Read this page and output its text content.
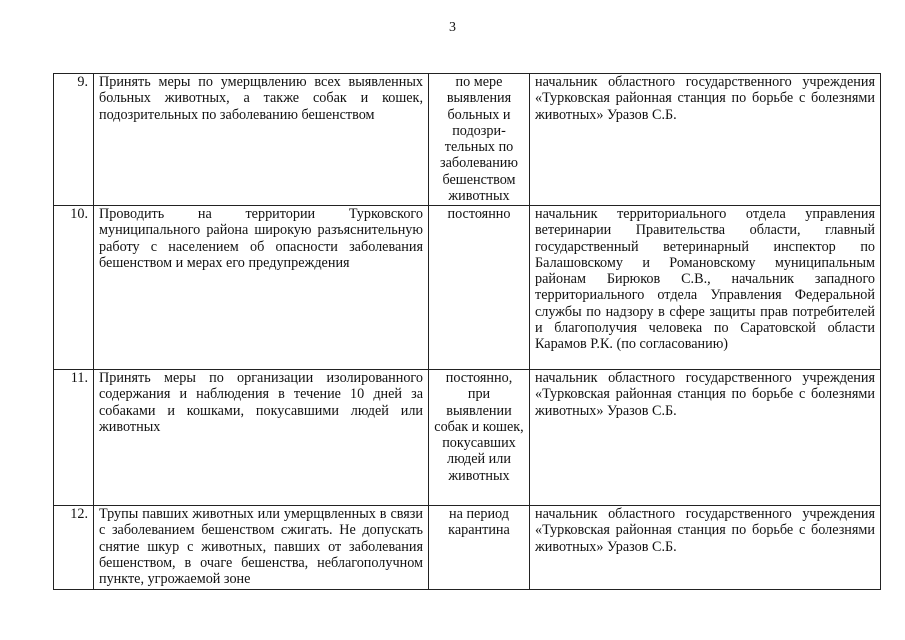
3
9.	Принять меры по умерщвлению всех выявленных больных животных, а также собак и кошек, подозрительных по заболеванию бешенством	по мере выявления больных и подозри-тельных по заболеванию бешенством животных	начальник областного государственного учреждения «Турковская районная станция по борьбе с болезнями животных» Уразов С.Б.
10.	Проводить на территории Турковского муниципального района широкую разъяснительную работу с населением об опасности заболевания бешенством и мерах его предупреждения	постоянно	начальник территориального отдела управления ветеринарии Правительства области, главный государственный ветеринарный инспектор по Балашовскому и Романовскому муниципальным районам Бирюков С.В., начальник западного территориального отдела Управления Федеральной службы по надзору в сфере защиты прав потребителей и благополучия человека по Саратовской области Карамов Р.К. (по согласованию)
11.	Принять меры по организации изолированного содержания и наблюдения в течение 10 дней за собаками и кошками, покусавшими людей или животных	постоянно, при выявлении собак и кошек, покусавших людей или животных	начальник областного государственного учреждения «Турковская районная станция по борьбе с болезнями животных» Уразов С.Б.
12.	Трупы павших животных или умерщвленных в связи с заболеванием бешенством сжигать. Не допускать снятие шкур с животных, павших от заболевания бешенством, в очаге бешенства, неблагополучном пункте, угрожаемой зоне	на период карантина	начальник областного государственного учреждения «Турковская районная станция по борьбе с болезнями животных» Уразов С.Б.
